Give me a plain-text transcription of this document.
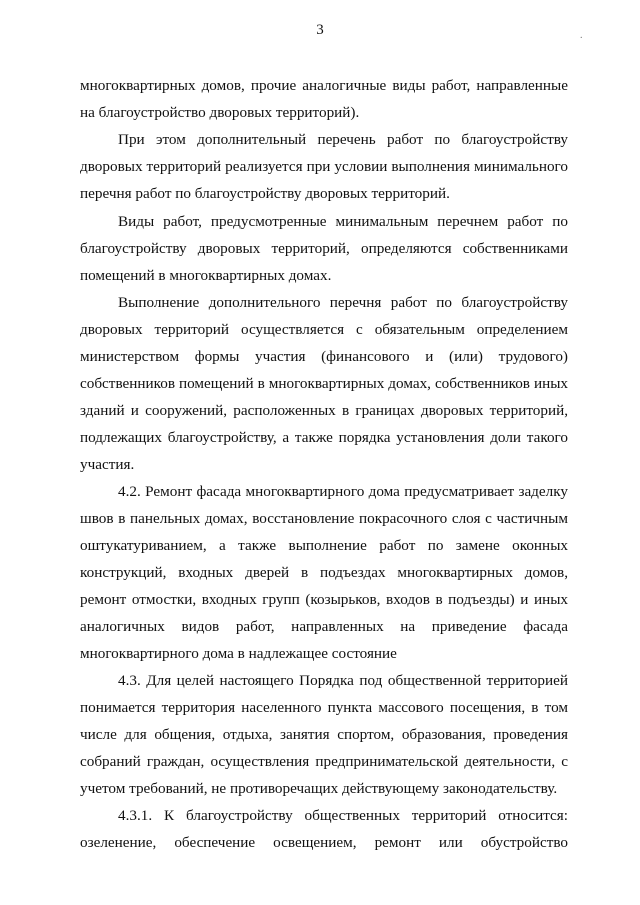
3	.
многоквартирных домов, прочие аналогичные виды работ, направленные
на благоустройство дворовых территорий).
При этом дополнительный перечень работ по благоустройству
дворовых территорий реализуется при условии выполнения минимального
перечня работ по благоустройству дворовых территорий.
Виды работ, предусмотренные минимальным перечнем работ по
благоустройству дворовых территорий, определяются собственниками
помещений в многоквартирных домах.
Выполнение дополнительного перечня работ по благоустройству
дворовых территорий осуществляется с обязательным определением
министерством формы участия (финансового и (или) трудового)
собственников помещений в многоквартирных домах, собственников иных
зданий и сооружений, расположенных в границах дворовых территорий,
подлежащих благоустройству, а также порядка установления доли такого
участия.
4.2. Ремонт фасада многоквартирного дома предусматривает заделку
швов в панельных домах, восстановление покрасочного слоя с частичным
оштукатуриванием, а также выполнение работ по замене оконных
конструкций, входных дверей в подъездах многоквартирных домов,
ремонт отмостки, входных групп (козырьков, входов в подъезды) и иных
аналогичных видов работ, направленных на приведение фасада
многоквартирного дома в надлежащее состояние
4.3. Для целей настоящего Порядка под общественной территорией
понимается территория населенного пункта массового посещения, в том
числе для общения, отдыха, занятия спортом, образования, проведения
собраний граждан, осуществления предпринимательской деятельности, с
учетом требований, не противоречащих действующему законодательству.
4.3.1. К благоустройству общественных территорий относится:
озеленение, обеспечение освещением, ремонт или обустройство
